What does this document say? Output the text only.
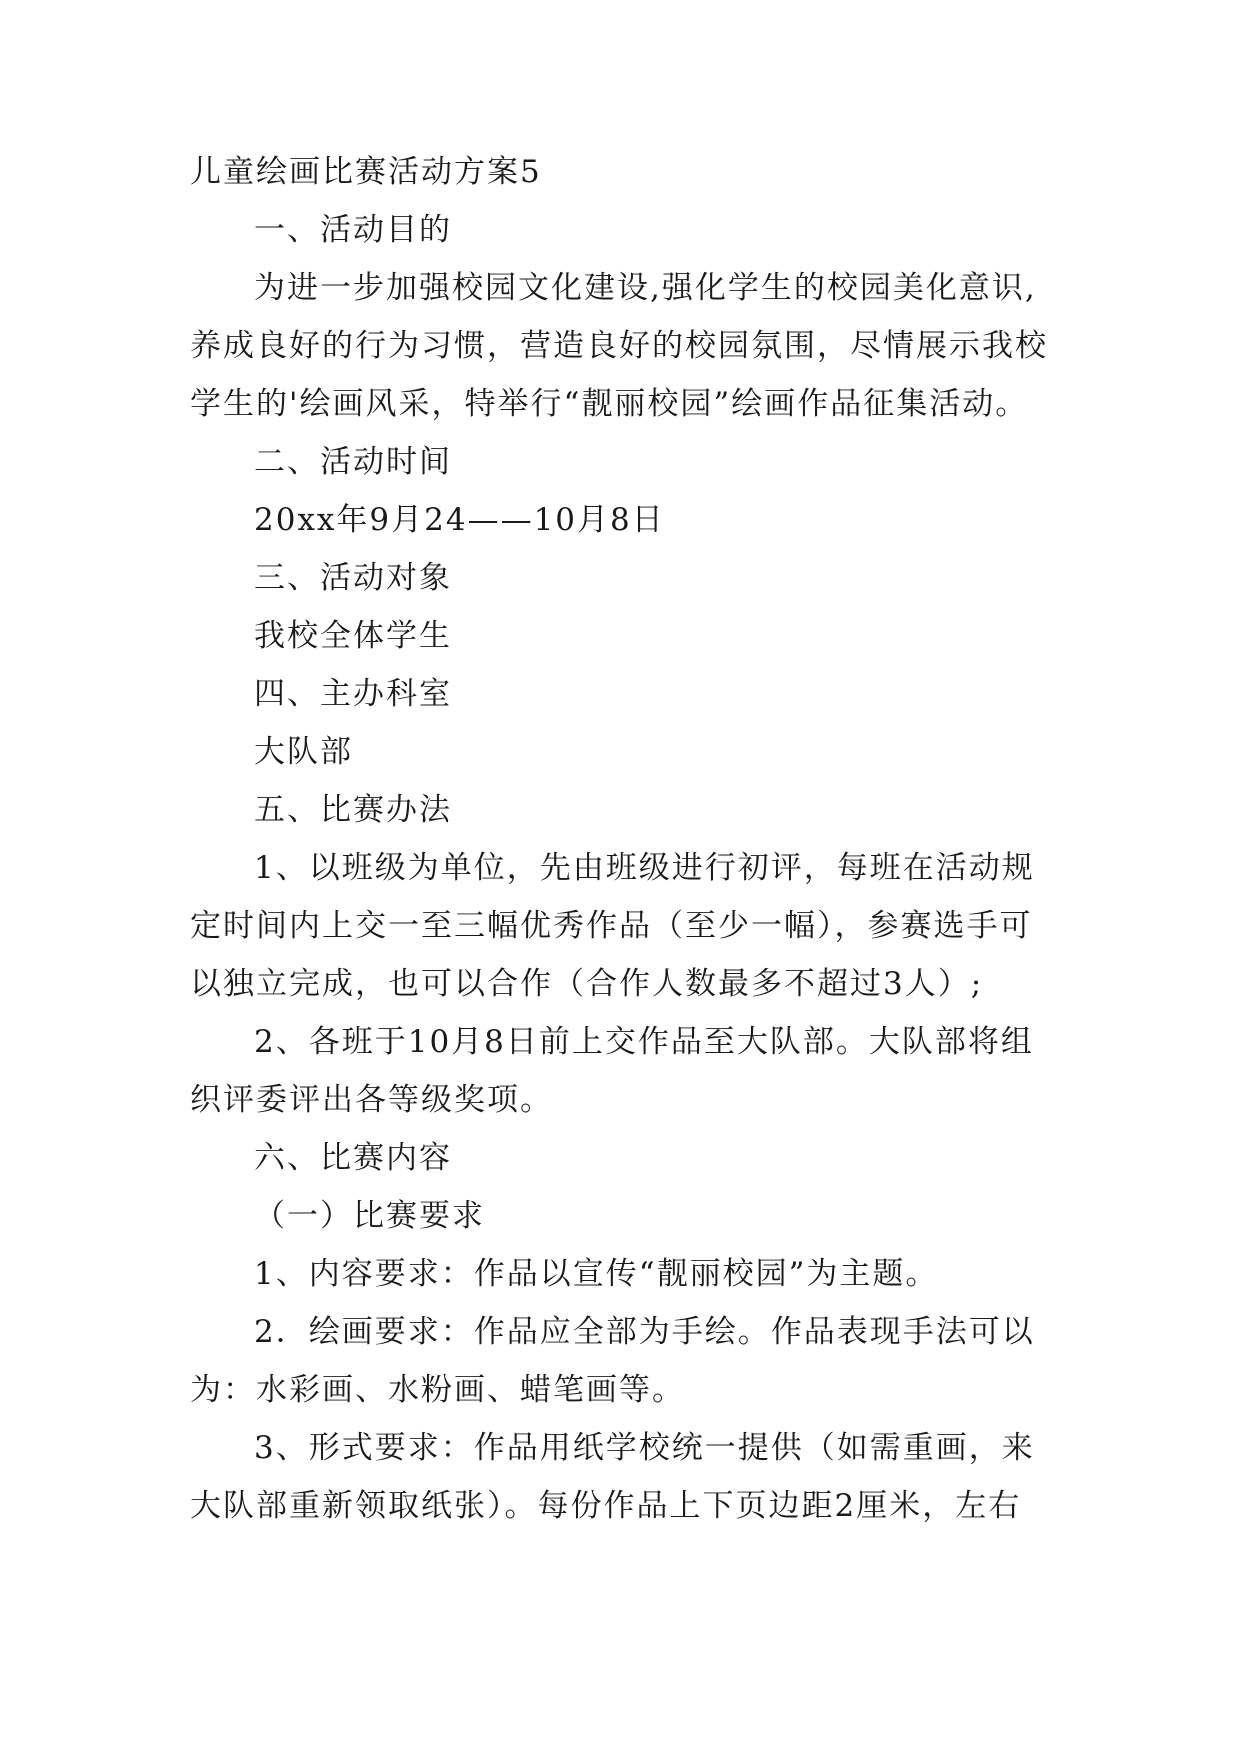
儿童绘画比赛活动方案5
一、活动目的
为进一步加强校园文化建设,强化学生的校园美化意识,
养成良好的行为习惯，营造良好的校园氛围，尽情展示我校
学生的'绘画风采，特举行“靓丽校园”绘画作品征集活动。
二、活动时间
20xx年9月24——10月8日
三、活动对象
我校全体学生
四、主办科室
大队部
五、比赛办法
1、以班级为单位，先由班级进行初评，每班在活动规
定时间内上交一至三幅优秀作品（至少一幅），参赛选手可
以独立完成，也可以合作（合作人数最多不超过3人）;
2、各班于10月8日前上交作品至大队部。大队部将组
织评委评出各等级奖项。
六、比赛内容
（一）比赛要求
1、内容要求：作品以宣传“靓丽校园”为主题。
2．绘画要求：作品应全部为手绘。作品表现手法可以
为：水彩画、水粉画、蜡笔画等。
3、形式要求：作品用纸学校统一提供（如需重画，来
大队部重新领取纸张）。每份作品上下页边距2厘米，左右
